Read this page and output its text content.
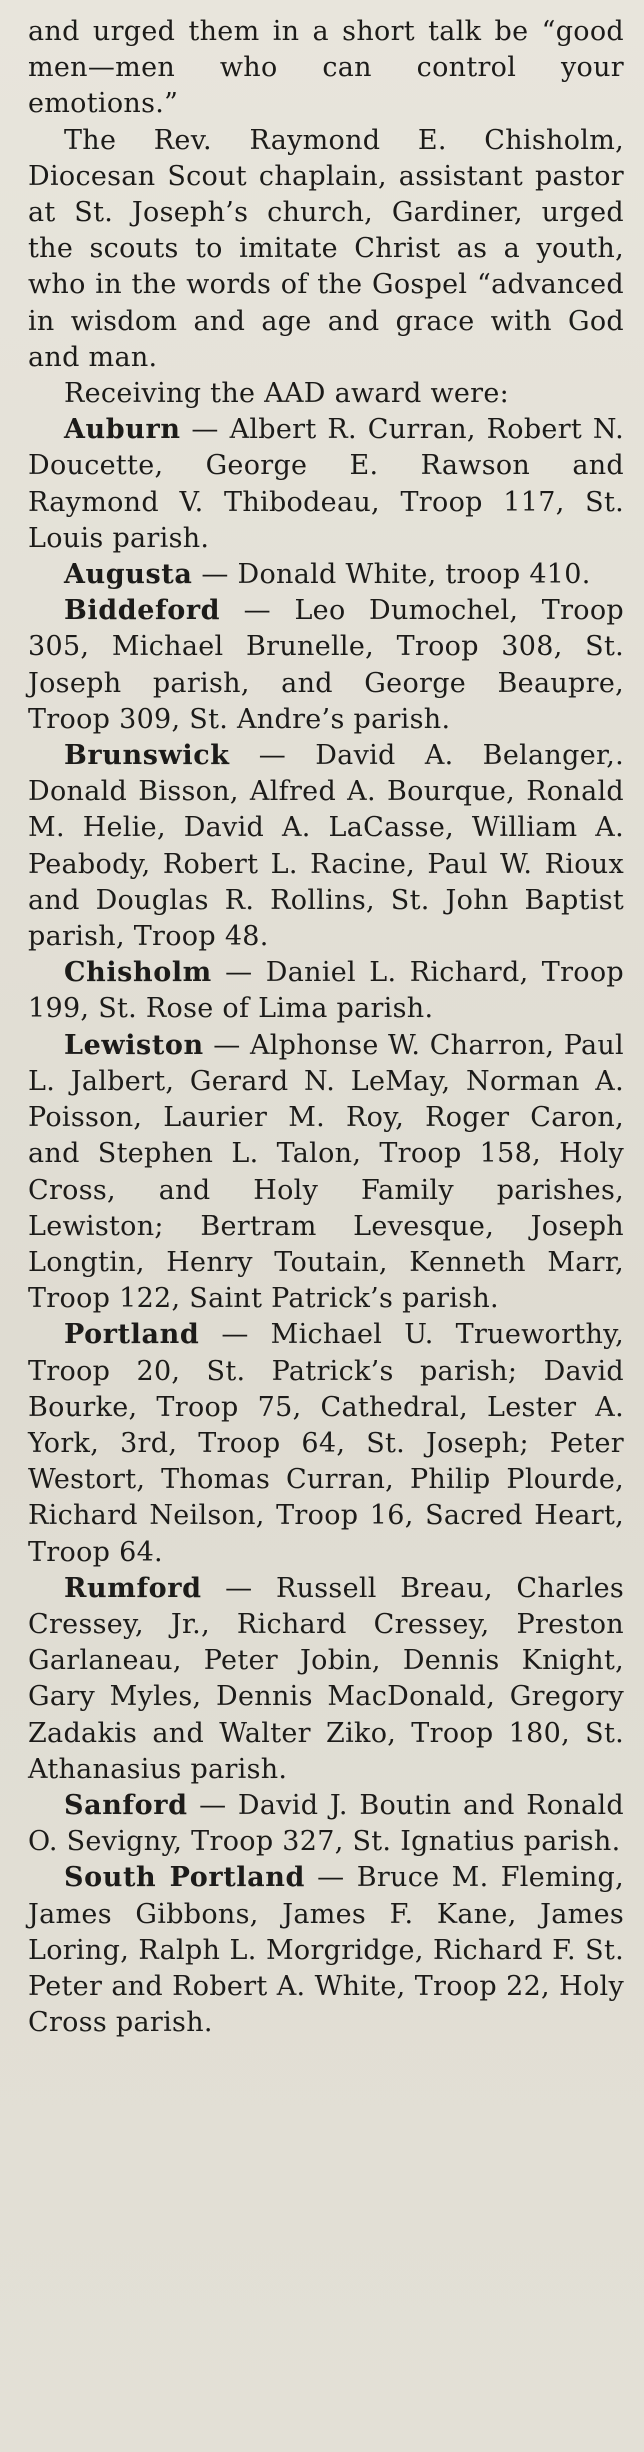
and urged them in a short talk be “good men—men who can control your emotions.”

The Rev. Raymond E. Chisholm, Diocesan Scout chaplain, assistant pastor at St. Joseph’s church, Gardiner, urged the scouts to imitate Christ as a youth, who in the words of the Gospel “advanced in wisdom and age and grace with God and man.

Receiving the AAD award were:

Auburn — Albert R. Curran, Robert N. Doucette, George E. Rawson and Raymond V. Thibodeau, Troop 117, St. Louis parish.

Augusta — Donald White, troop 410.

Biddeford — Leo Dumochel, Troop 305, Michael Brunelle, Troop 308, St. Joseph parish, and George Beaupre, Troop 309, St. Andre’s parish.

Brunswick — David A. Belanger,. Donald Bisson, Alfred A. Bourque, Ronald M. Helie, David A. LaCasse, William A. Peabody, Robert L. Racine, Paul W. Rioux and Douglas R. Rollins, St. John Baptist parish, Troop 48.

Chisholm — Daniel L. Richard, Troop 199, St. Rose of Lima parish.

Lewiston — Alphonse W. Charron, Paul L. Jalbert, Gerard N. LeMay, Norman A. Poisson, Laurier M. Roy, Roger Caron, and Stephen L. Talon, Troop 158, Holy Cross, and Holy Family parishes, Lewiston; Bertram Levesque, Joseph Longtin, Henry Toutain, Kenneth Marr, Troop 122, Saint Patrick’s parish.

Portland — Michael U. Trueworthy, Troop 20, St. Patrick’s parish; David Bourke, Troop 75, Cathedral, Lester A. York, 3rd, Troop 64, St. Joseph; Peter Westort, Thomas Curran, Philip Plourde, Richard Neilson, Troop 16, Sacred Heart, Troop 64.

Rumford — Russell Breau, Charles Cressey, Jr., Richard Cressey, Preston Garlaneau, Peter Jobin, Dennis Knight, Gary Myles, Dennis MacDonald, Gregory Zadakis and Walter Ziko, Troop 180, St. Athanasius parish.

Sanford — David J. Boutin and Ronald O. Sevigny, Troop 327, St. Ignatius parish.

South Portland — Bruce M. Fleming, James Gibbons, James F. Kane, James Loring, Ralph L. Morgridge, Richard F. St. Peter and Robert A. White, Troop 22, Holy Cross parish.
